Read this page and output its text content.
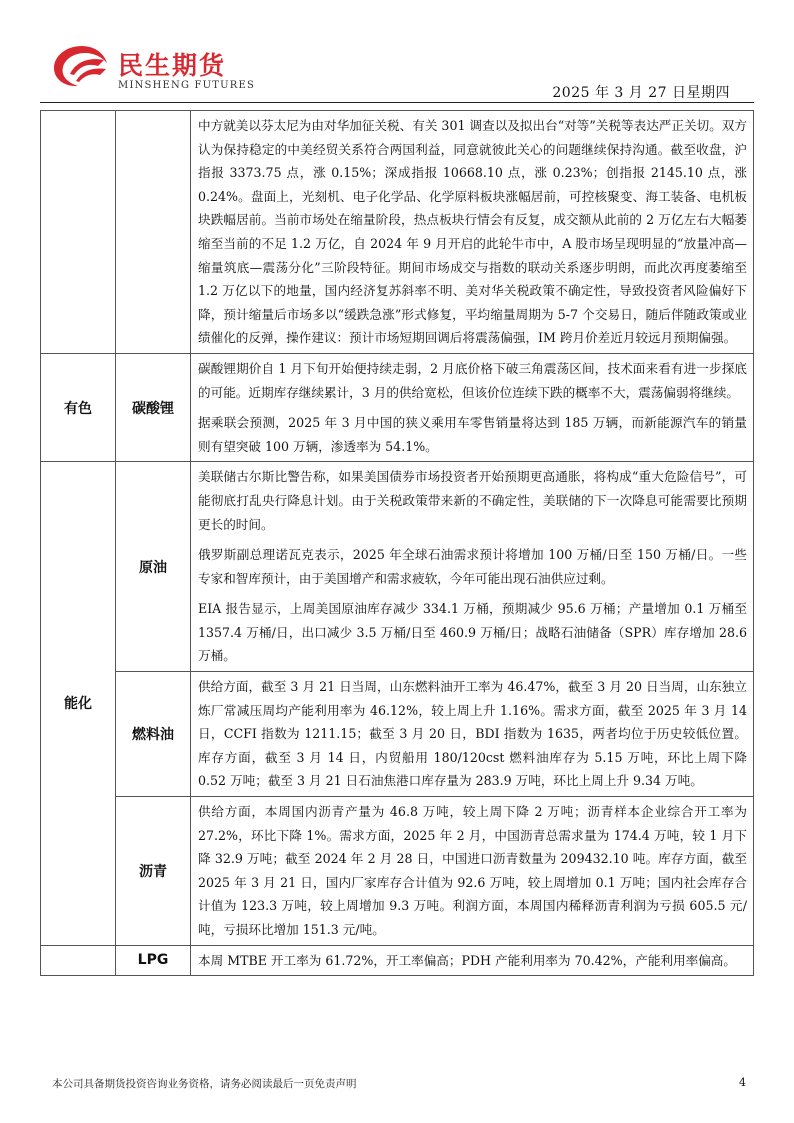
民生期货
MINSHENG FUTURES	2025 年 3 月 27 日星期四

		中方就美以芬太尼为由对华加征关税、有关 301 调查以及拟出台“对等”关税等表达严正关切。双方认为保持稳定的中美经贸关系符合两国利益，同意就彼此关心的问题继续保持沟通。截至收盘，沪指报 3373.75 点，涨 0.15%；深成指报 10668.10 点，涨 0.23%；创指报 2145.10 点，涨 0.24%。盘面上，光刻机、电子化学品、化学原料板块涨幅居前，可控核聚变、海工装备、电机板块跌幅居前。当前市场处在缩量阶段，热点板块行情会有反复，成交额从此前的 2 万亿左右大幅萎缩至当前的不足 1.2 万亿，自 2024 年 9 月开启的此轮牛市中，A 股市场呈现明显的“放量冲高—缩量筑底—震荡分化”三阶段特征。期间市场成交与指数的联动关系逐步明朗，而此次再度萎缩至 1.2 万亿以下的地量，国内经济复苏斜率不明、美对华关税政策不确定性，导致投资者风险偏好下降，预计缩量后市场多以“缓跌急涨”形式修复，平均缩量周期为 5-7 个交易日，随后伴随政策或业绩催化的反弹，操作建议：预计市场短期回调后将震荡偏强，IM 跨月价差近月较远月预期偏强。

有色	碳酸锂	碳酸锂期价自 1 月下旬开始便持续走弱，2 月底价格下破三角震荡区间，技术面来看有进一步探底的可能。近期库存继续累计，3 月的供给宽松，但该价位连续下跌的概率不大，震荡偏弱将继续。

据乘联会预测，2025 年 3 月中国的狭义乘用车零售销量将达到 185 万辆，而新能源汽车的销量则有望突破 100 万辆，渗透率为 54.1%。

能化	原油	美联储古尔斯比警告称，如果美国债券市场投资者开始预期更高通胀，将构成“重大危险信号”，可能彻底打乱央行降息计划。由于关税政策带来新的不确定性，美联储的下一次降息可能需要比预期更长的时间。

俄罗斯副总理诺瓦克表示，2025 年全球石油需求预计将增加 100 万桶/日至 150 万桶/日。一些专家和智库预计，由于美国增产和需求疲软，今年可能出现石油供应过剩。

EIA 报告显示，上周美国原油库存减少 334.1 万桶，预期减少 95.6 万桶；产量增加 0.1 万桶至 1357.4 万桶/日，出口减少 3.5 万桶/日至 460.9 万桶/日；战略石油储备（SPR）库存增加 28.6 万桶。

	燃料油	供给方面，截至 3 月 21 日当周，山东燃料油开工率为 46.47%，截至 3 月 20 日当周，山东独立炼厂常减压周均产能利用率为 46.12%，较上周上升 1.16%。需求方面，截至 2025 年 3 月 14 日，CCFI 指数为 1211.15；截至 3 月 20 日，BDI 指数为 1635，两者均位于历史较低位置。库存方面，截至 3 月 14 日，内贸船用 180/120cst 燃料油库存为 5.15 万吨，环比上周下降 0.52 万吨；截至 3 月 21 日石油焦港口库存量为 283.9 万吨，环比上周上升 9.34 万吨。

	沥青	供给方面，本周国内沥青产量为 46.8 万吨，较上周下降 2 万吨；沥青样本企业综合开工率为 27.2%，环比下降 1%。需求方面，2025 年 2 月，中国沥青总需求量为 174.4 万吨，较 1 月下降 32.9 万吨；截至 2024 年 2 月 28 日，中国进口沥青数量为 209432.10 吨。库存方面，截至 2025 年 3 月 21 日，国内厂家库存合计值为 92.6 万吨，较上周增加 0.1 万吨；国内社会库存合计值为 123.3 万吨，较上周增加 9.3 万吨。利润方面，本周国内稀释沥青利润为亏损 605.5 元/吨，亏损环比增加 151.3 元/吨。

	LPG	本周 MTBE 开工率为 61.72%，开工率偏高；PDH 产能利用率为 70.42%，产能利用率偏高。

本公司具备期货投资咨询业务资格，请务必阅读最后一页免责声明	4
